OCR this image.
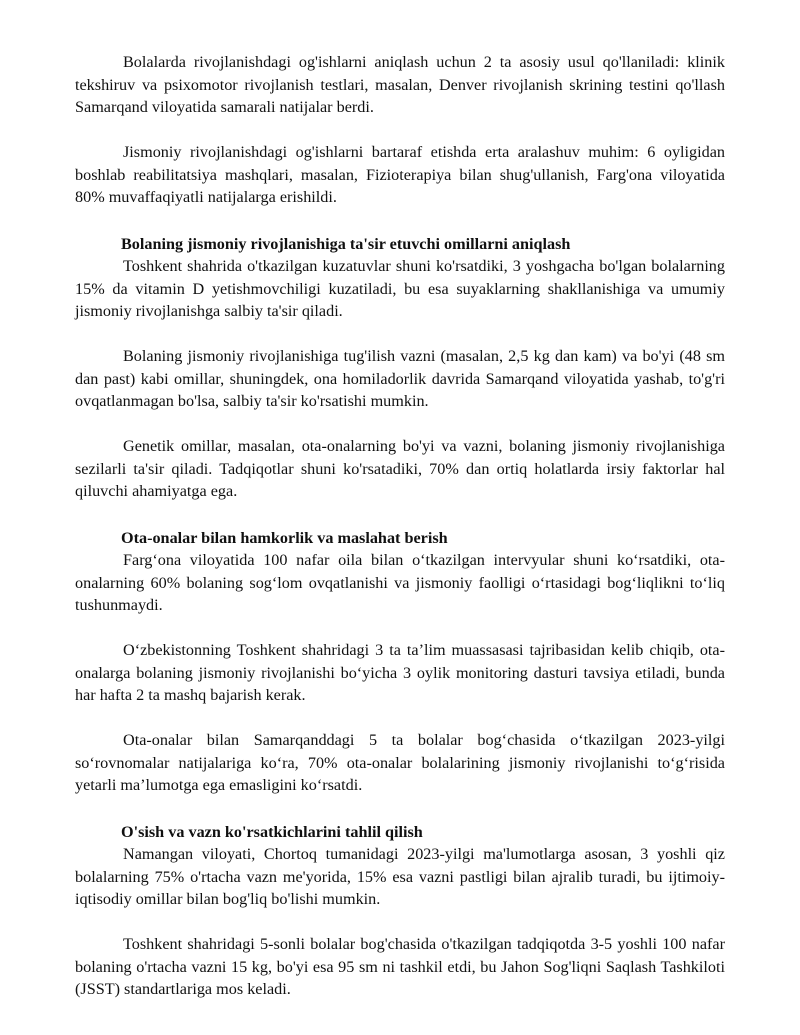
Bolalarda rivojlanishdagi og'ishlarni aniqlash uchun 2 ta asosiy usul qo'llaniladi: klinik tekshiruv va psixomotor rivojlanish testlari, masalan, Denver rivojlanish skrining testini qo'llash Samarqand viloyatida samarali natijalar berdi.

Jismoniy rivojlanishdagi og'ishlarni bartaraf etishda erta aralashuv muhim: 6 oyligidan boshlab reabilitatsiya mashqlari, masalan, Fizioterapiya bilan shug'ullanish, Farg'ona viloyatida 80% muvaffaqiyatli natijalarga erishildi.

Bolaning jismoniy rivojlanishiga ta'sir etuvchi omillarni aniqlash

Toshkent shahrida o'tkazilgan kuzatuvlar shuni ko'rsatdiki, 3 yoshgacha bo'lgan bolalarning 15% da vitamin D yetishmovchiligi kuzatiladi, bu esa suyaklarning shakllanishiga va umumiy jismoniy rivojlanishga salbiy ta'sir qiladi.

Bolaning jismoniy rivojlanishiga tug'ilish vazni (masalan, 2,5 kg dan kam) va bo'yi (48 sm dan past) kabi omillar, shuningdek, ona homiladorlik davrida Samarqand viloyatida yashab, to'g'ri ovqatlanmagan bo'lsa, salbiy ta'sir ko'rsatishi mumkin.

Genetik omillar, masalan, ota-onalarning bo'yi va vazni, bolaning jismoniy rivojlanishiga sezilarli ta'sir qiladi. Tadqiqotlar shuni ko'rsatadiki, 70% dan ortiq holatlarda irsiy faktorlar hal qiluvchi ahamiyatga ega.

Ota-onalar bilan hamkorlik va maslahat berish

Farg‘ona viloyatida 100 nafar oila bilan o‘tkazilgan intervyular shuni ko‘rsatdiki, ota-onalarning 60% bolaning sog‘lom ovqatlanishi va jismoniy faolligi o‘rtasidagi bog‘liqlikni to‘liq tushunmaydi.

O‘zbekistonning Toshkent shahridagi 3 ta ta’lim muassasasi tajribasidan kelib chiqib, ota-onalarga bolaning jismoniy rivojlanishi bo‘yicha 3 oylik monitoring dasturi tavsiya etiladi, bunda har hafta 2 ta mashq bajarish kerak.

Ota-onalar bilan Samarqanddagi 5 ta bolalar bog‘chasida o‘tkazilgan 2023-yilgi so‘rovnomalar natijalariga ko‘ra, 70% ota-onalar bolalarining jismoniy rivojlanishi to‘g‘risida yetarli ma’lumotga ega emasligini ko‘rsatdi.

O'sish va vazn ko'rsatkichlarini tahlil qilish

Namangan viloyati, Chortoq tumanidagi 2023-yilgi ma'lumotlarga asosan, 3 yoshli qiz bolalarning 75% o'rtacha vazn me'yorida, 15% esa vazni pastligi bilan ajralib turadi, bu ijtimoiy-iqtisodiy omillar bilan bog'liq bo'lishi mumkin.

Toshkent shahridagi 5-sonli bolalar bog'chasida o'tkazilgan tadqiqotda 3-5 yoshli 100 nafar bolaning o'rtacha vazni 15 kg, bo'yi esa 95 sm ni tashkil etdi, bu Jahon Sog'liqni Saqlash Tashkiloti (JSST) standartlariga mos keladi.
